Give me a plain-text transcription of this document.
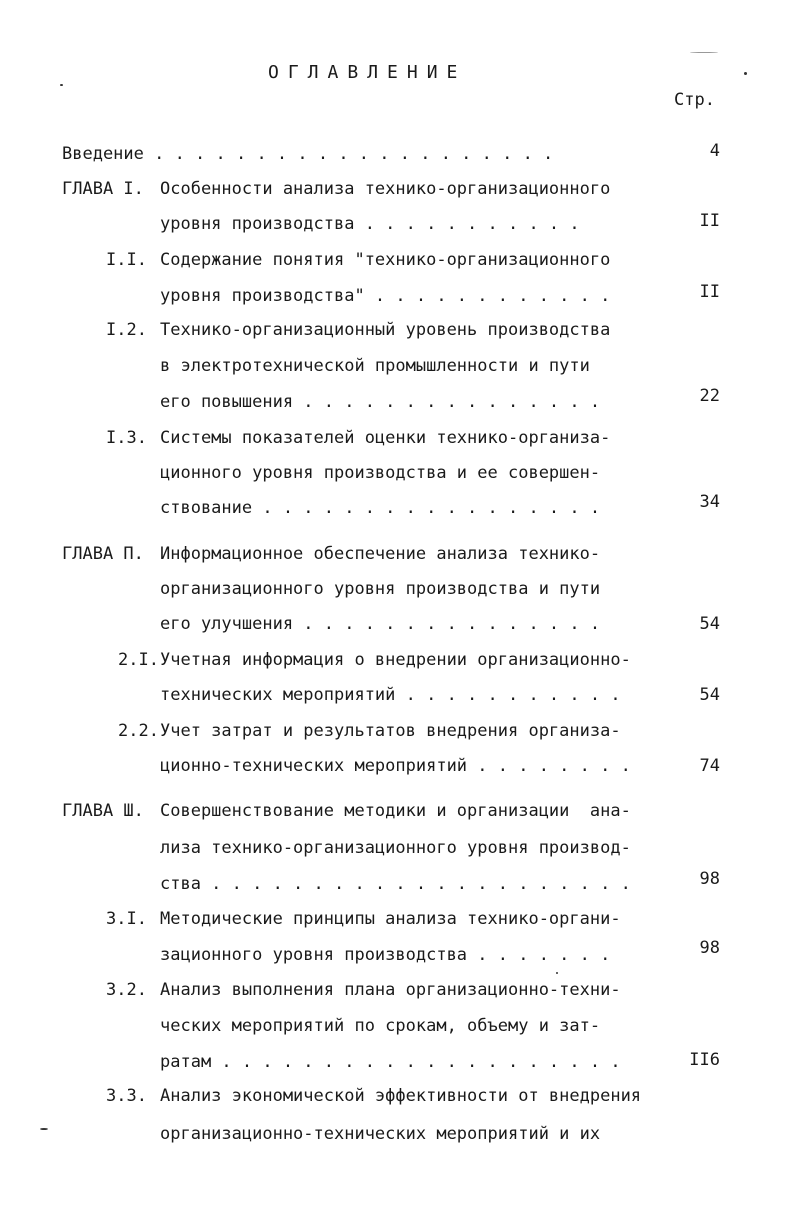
ОГЛАВЛЕНИЕ
Стр.
Введение . . . . . . . . . . . . . . . . . . . .	4
ГЛАВА I. Особенности анализа технико-организационного
уровня производства . . . . . . . . . . .	II
I.I. Содержание понятия "технико-организационного
уровня производства" . . . . . . . . . . . .	II
I.2. Технико-организационный уровень производства
в электротехнической промышленности и пути
его повышения . . . . . . . . . . . . . . .	22
I.3. Системы показателей оценки технико-организа-
ционного уровня производства и ее совершен-
ствование . . . . . . . . . . . . . . . . .	34
ГЛАВА П. Информационное обеспечение анализа технико-
организационного уровня производства и пути
его улучшения . . . . . . . . . . . . . . .	54
2.I. Учетная информация о внедрении организационно-
технических мероприятий . . . . . . . . . . .	54
2.2. Учет затрат и результатов внедрения организа-
ционно-технических мероприятий . . . . . . . .	74
ГЛАВА Ш. Совершенствование методики и организации  ана-
лиза технико-организационного уровня производ-
ства . . . . . . . . . . . . . . . . . . . . .	98
3.I. Методические принципы анализа технико-органи-
зационного уровня производства . . . . . . .	98
3.2. Анализ выполнения плана организационно-техни-
ческих мероприятий по срокам, объему и зат-
ратам . . . . . . . . . . . . . . . . . . . .	II6
3.3. Анализ экономической эффективности от внедрения
организационно-технических мероприятий и их
